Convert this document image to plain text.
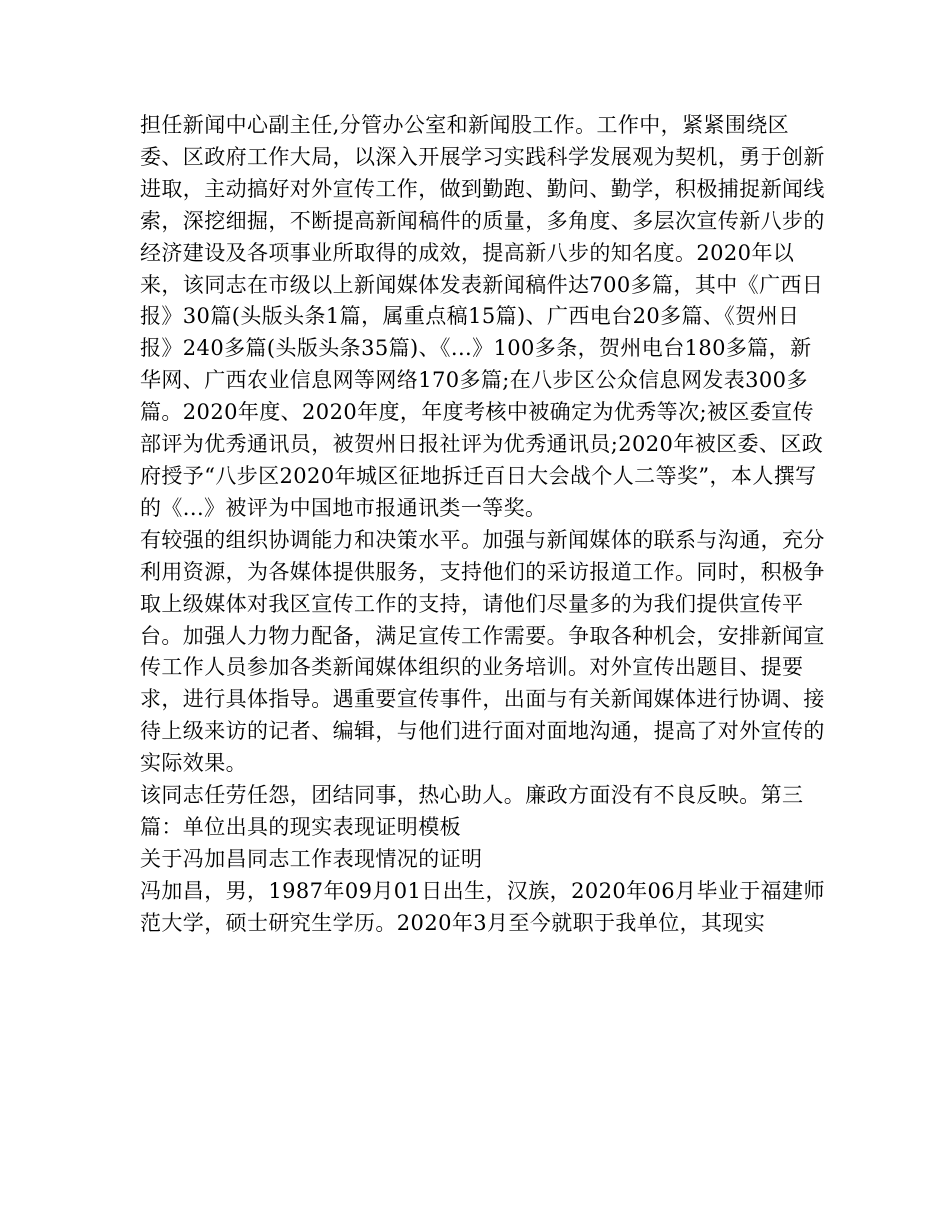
担任新闻中心副主任,分管办公室和新闻股工作。工作中，紧紧围绕区委、区政府工作大局，以深入开展学习实践科学发展观为契机，勇于创新进取，主动搞好对外宣传工作，做到勤跑、勤问、勤学，积极捕捉新闻线索，深挖细掘，不断提高新闻稿件的质量，多角度、多层次宣传新八步的经济建设及各项事业所取得的成效，提高新八步的知名度。2020年以来，该同志在市级以上新闻媒体发表新闻稿件达700多篇，其中《广西日报》30篇(头版头条1篇，属重点稿15篇)、广西电台20多篇、《贺州日报》240多篇(头版头条35篇)、《...》100多条，贺州电台180多篇，新华网、广西农业信息网等网络170多篇;在八步区公众信息网发表300多篇。2020年度、2020年度，年度考核中被确定为优秀等次;被区委宣传部评为优秀通讯员，被贺州日报社评为优秀通讯员;2020年被区委、区政府授予“八步区2020年城区征地拆迁百日大会战个人二等奖”，本人撰写的《...》被评为中国地市报通讯类一等奖。

有较强的组织协调能力和决策水平。加强与新闻媒体的联系与沟通，充分利用资源，为各媒体提供服务，支持他们的采访报道工作。同时，积极争取上级媒体对我区宣传工作的支持，请他们尽量多的为我们提供宣传平台。加强人力物力配备，满足宣传工作需要。争取各种机会，安排新闻宣传工作人员参加各类新闻媒体组织的业务培训。对外宣传出题目、提要求，进行具体指导。遇重要宣传事件，出面与有关新闻媒体进行协调、接待上级来访的记者、编辑，与他们进行面对面地沟通，提高了对外宣传的实际效果。

该同志任劳任怨，团结同事，热心助人。廉政方面没有不良反映。第三篇：单位出具的现实表现证明模板

关于冯加昌同志工作表现情况的证明

冯加昌，男，1987年09月01日出生，汉族，2020年06月毕业于福建师范大学，硕士研究生学历。2020年3月至今就职于我单位，其现实
